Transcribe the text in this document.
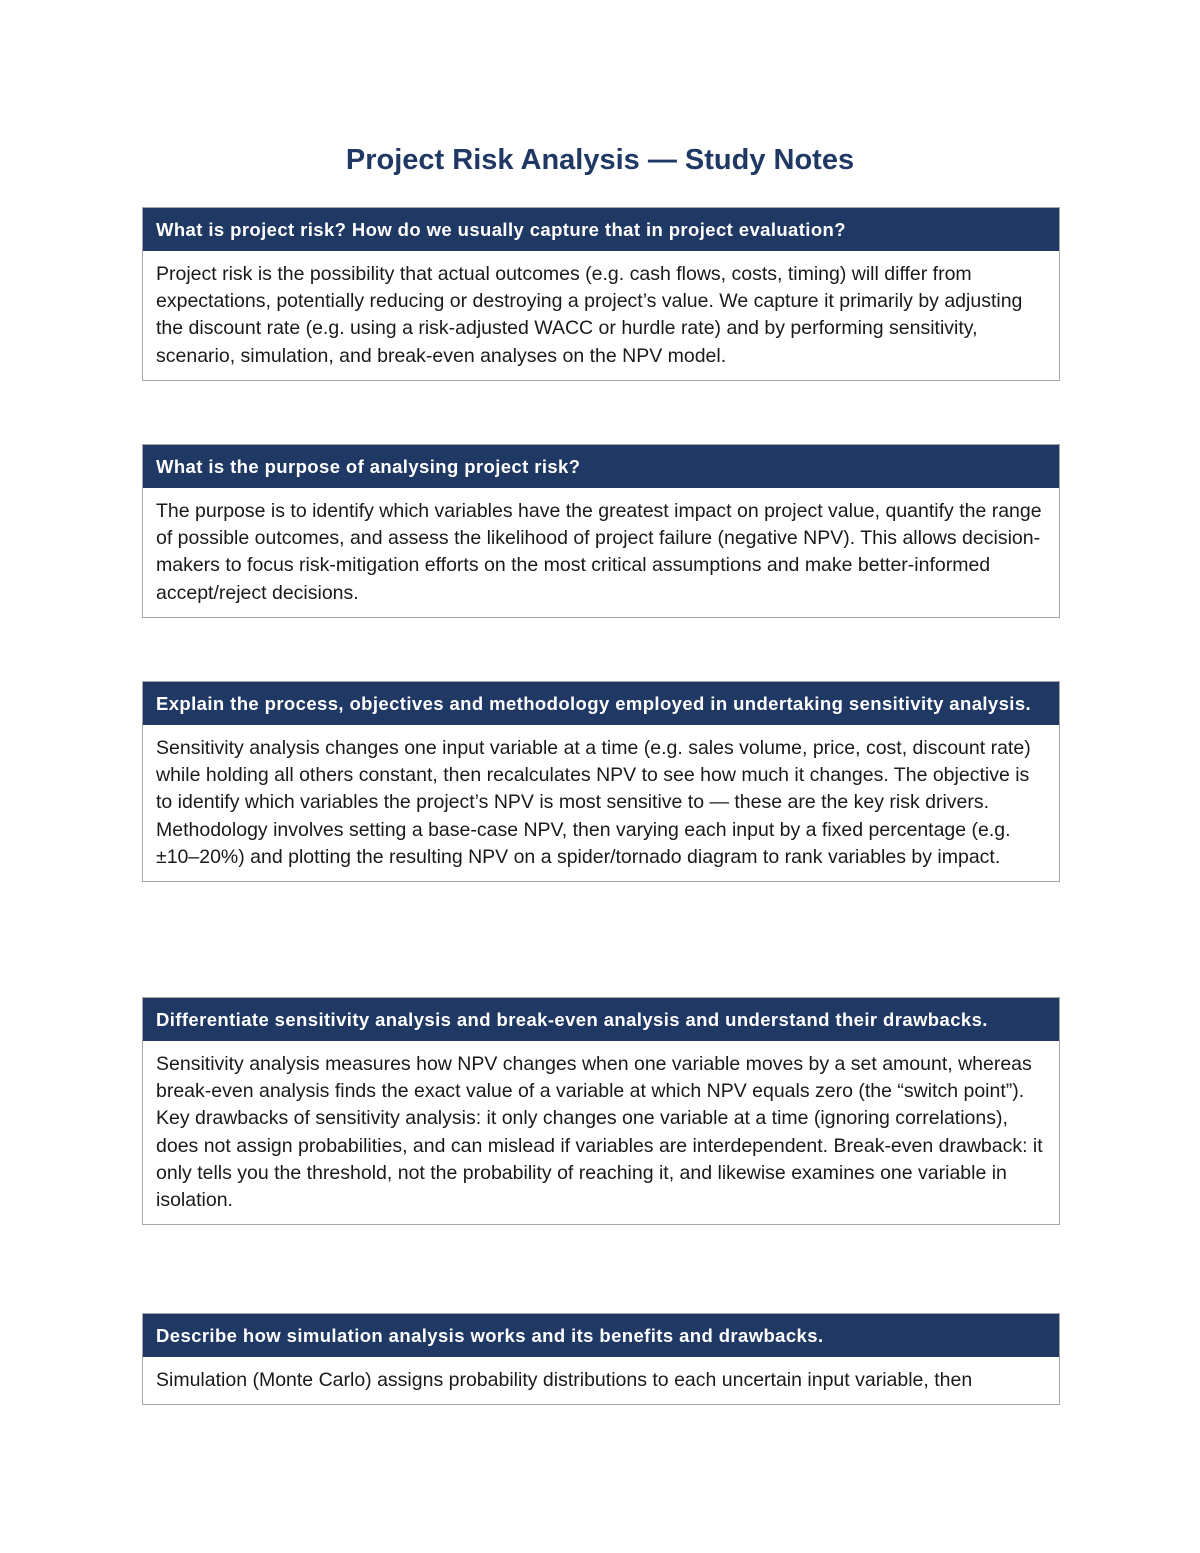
Project Risk Analysis — Study Notes
What is project risk? How do we usually capture that in project evaluation?
Project risk is the possibility that actual outcomes (e.g. cash flows, costs, timing) will differ from expectations, potentially reducing or destroying a project’s value. We capture it primarily by adjusting the discount rate (e.g. using a risk-adjusted WACC or hurdle rate) and by performing sensitivity, scenario, simulation, and break-even analyses on the NPV model.
What is the purpose of analysing project risk?
The purpose is to identify which variables have the greatest impact on project value, quantify the range of possible outcomes, and assess the likelihood of project failure (negative NPV). This allows decision-makers to focus risk-mitigation efforts on the most critical assumptions and make better-informed accept/reject decisions.
Explain the process, objectives and methodology employed in undertaking sensitivity analysis.
Sensitivity analysis changes one input variable at a time (e.g. sales volume, price, cost, discount rate) while holding all others constant, then recalculates NPV to see how much it changes. The objective is to identify which variables the project’s NPV is most sensitive to — these are the key risk drivers. Methodology involves setting a base-case NPV, then varying each input by a fixed percentage (e.g. ±10–20%) and plotting the resulting NPV on a spider/tornado diagram to rank variables by impact.
Differentiate sensitivity analysis and break-even analysis and understand their drawbacks.
Sensitivity analysis measures how NPV changes when one variable moves by a set amount, whereas break-even analysis finds the exact value of a variable at which NPV equals zero (the “switch point”). Key drawbacks of sensitivity analysis: it only changes one variable at a time (ignoring correlations), does not assign probabilities, and can mislead if variables are interdependent. Break-even drawback: it only tells you the threshold, not the probability of reaching it, and likewise examines one variable in isolation.
Describe how simulation analysis works and its benefits and drawbacks.
Simulation (Monte Carlo) assigns probability distributions to each uncertain input variable, then
